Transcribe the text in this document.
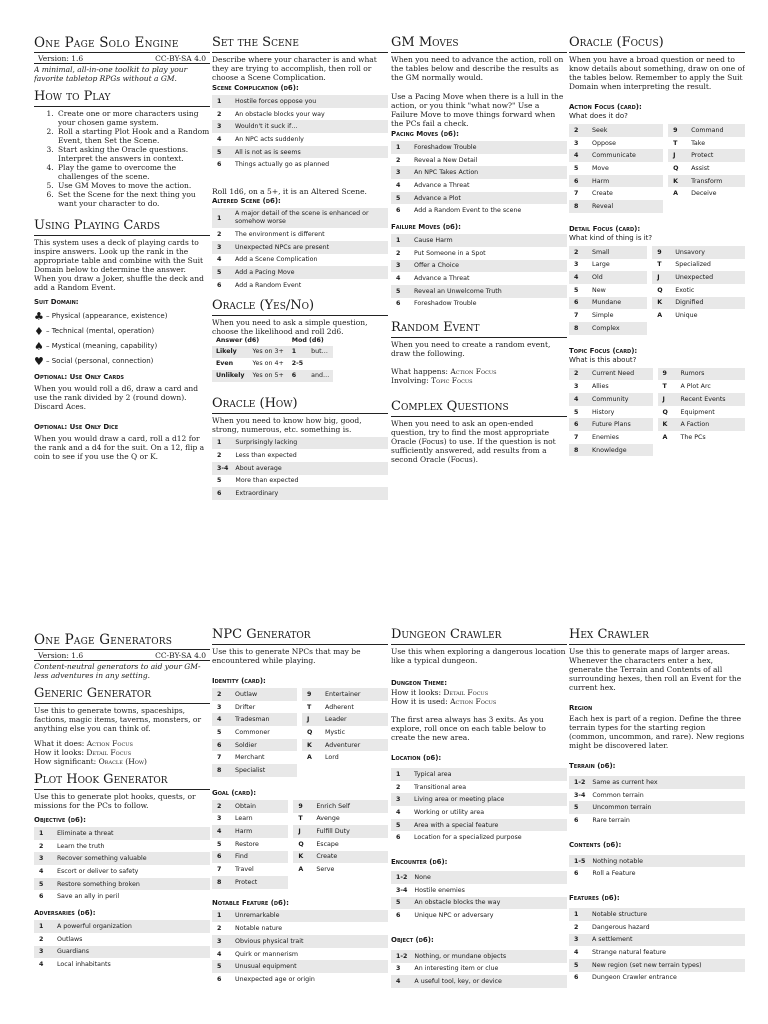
One Page Solo Engine
Version: 1.6	CC-BY-SA 4.0
A minimal, all-in-one toolkit to play your favorite tabletop RPGs without a GM.
How to Play
1. Create one or more characters using your chosen game system.
2. Roll a starting Plot Hook and a Random Event, then Set the Scene.
3. Start asking the Oracle questions. Interpret the answers in context.
4. Play the game to overcome the challenges of the scene.
5. Use GM Moves to move the action.
6. Set the Scene for the next thing you want your character to do.
Using Playing Cards

This system uses a deck of playing cards to inspire answers. Look up the rank in the appropriate table and combine with the Suit Domain below to determine the answer. When you draw a Joker, shuffle the deck and add a Random Event.

Suit Domain:
♣ – Physical (appearance, existence)
♦ – Technical (mental, operation)
♠ – Mystical (meaning, capability)
♥ – Social (personal, connection)
Optional: Use Only Cards

When you would roll a d6, draw a card and use the rank divided by 2 (round down). Discard Aces.

Optional: Use Only Dice

When you would draw a card, roll a d12 for the rank and a d4 for the suit. On a 12, flip a coin to see if you use the Q or K.

Set the Scene

Describe where your character is and what they are trying to accomplish, then roll or choose a Scene Complication.

Scene Complication (d6):
1	Hostile forces oppose you
2	An obstacle blocks your way
3	Wouldn't it suck if…
4	An NPC acts suddenly
5	All is not as is seems
6	Things actually go as planned

Roll 1d6, on a 5+, it is an Altered Scene.

Altered Scene (d6):
1	A major detail of the scene is enhanced or somehow worse
2	The environment is different
3	Unexpected NPCs are present
4	Add a Scene Complication
5	Add a Pacing Move
6	Add a Random Event
Oracle (Yes/No)

When you need to ask a simple question, choose the likelihood and roll 2d6.

Answer (d6)		Mod (d6)	
Likely	Yes on 3+	1	but…
Even	Yes on 4+	2-5	
Unlikely	Yes on 5+	6	and…
Oracle (How)

When you need to know how big, good, strong, numerous, etc. something is.

1	Surprisingly lacking
2	Less than expected
3-4	About average
5	More than expected
6	Extraordinary
GM Moves

When you need to advance the action, roll on the tables below and describe the results as the GM normally would.

Use a Pacing Move when there is a lull in the action, or you think "what now?" Use a Failure Move to move things forward when the PCs fail a check.

Pacing Moves (d6):
1	Foreshadow Trouble
2	Reveal a New Detail
3	An NPC Takes Action
4	Advance a Threat
5	Advance a Plot
6	Add a Random Event to the scene
Failure Moves (d6):
1	Cause Harm
2	Put Someone in a Spot
3	Offer a Choice
4	Advance a Threat
5	Reveal an Unwelcome Truth
6	Foreshadow Trouble
Random Event

When you need to create a random event, draw the following.

What happens: Action Focus

Involving: Topic Focus

Complex Questions

When you need to ask an open-ended question, try to find the most appropriate Oracle (Focus) to use. If the question is not sufficiently answered, add results from a second Oracle (Focus).

Oracle (Focus)

When you have a broad question or need to know details about something, draw on one of the tables below. Remember to apply the Suit Domain when interpreting the result.

Action Focus (card):
What does it do?
2	Seek		9	Command
3	Oppose		T	Take
4	Communicate		J	Protect
5	Move		Q	Assist
6	Harm		K	Transform
7	Create		A	Deceive
8	Reveal			
Detail Focus (card):
What kind of thing is it?
2	Small		9	Unsavory
3	Large		T	Specialized
4	Old		J	Unexpected
5	New		Q	Exotic
6	Mundane		K	Dignified
7	Simple		A	Unique
8	Complex			
Topic Focus (card):
What is this about?
2	Current Need		9	Rumors
3	Allies		T	A Plot Arc
4	Community		J	Recent Events
5	History		Q	Equipment
6	Future Plans		K	A Faction
7	Enemies		A	The PCs
8	Knowledge			
One Page Generators
Version: 1.6	CC-BY-SA 4.0
Content-neutral generators to aid your GM-less adventures in any setting.
Generic Generator

Use this to generate towns, spaceships, factions, magic items, taverns, monsters, or anything else you can think of.

What it does: Action Focus

How it looks: Detail Focus

How significant: Oracle (How)

Plot Hook Generator

Use this to generate plot hooks, quests, or missions for the PCs to follow.

Objective (d6):
1	Eliminate a threat
2	Learn the truth
3	Recover something valuable
4	Escort or deliver to safety
5	Restore something broken
6	Save an ally in peril
Adversaries (d6):
1	A powerful organization
2	Outlaws
3	Guardians
4	Local inhabitants
NPC Generator

Use this to generate NPCs that may be encountered while playing.

Identity (card):
2	Outlaw		9	Entertainer
3	Drifter		T	Adherent
4	Tradesman		J	Leader
5	Commoner		Q	Mystic
6	Soldier		K	Adventurer
7	Merchant		A	Lord
8	Specialist			
Goal (card):
2	Obtain		9	Enrich Self
3	Learn		T	Avenge
4	Harm		J	Fulfill Duty
5	Restore		Q	Escape
6	Find		K	Create
7	Travel		A	Serve
8	Protect			
Notable Feature (d6):
1	Unremarkable
2	Notable nature
3	Obvious physical trait
4	Quirk or mannerism
5	Unusual equipment
6	Unexpected age or origin
Dungeon Crawler

Use this when exploring a dangerous location like a typical dungeon.

Dungeon Theme:

How it looks: Detail Focus

How it is used: Action Focus

The first area always has 3 exits. As you explore, roll once on each table below to create the new area.

Location (d6):
1	Typical area
2	Transitional area
3	Living area or meeting place
4	Working or utility area
5	Area with a special feature
6	Location for a specialized purpose
Encounter (d6):
1-2	None
3-4	Hostile enemies
5	An obstacle blocks the way
6	Unique NPC or adversary
Object (d6):
1-2	Nothing, or mundane objects
3	An interesting item or clue
4	A useful tool, key, or device
Hex Crawler

Use this to generate maps of larger areas. Whenever the characters enter a hex, generate the Terrain and Contents of all surrounding hexes, then roll an Event for the current hex.

Region

Each hex is part of a region. Define the three terrain types for the starting region (common, uncommon, and rare). New regions might be discovered later.

Terrain (d6):
1-2	Same as current hex
3-4	Common terrain
5	Uncommon terrain
6	Rare terrain
Contents (d6):
1-5	Nothing notable
6	Roll a Feature
Features (d6):
1	Notable structure
2	Dangerous hazard
3	A settlement
4	Strange natural feature
5	New region (set new terrain types)
6	Dungeon Crawler entrance
